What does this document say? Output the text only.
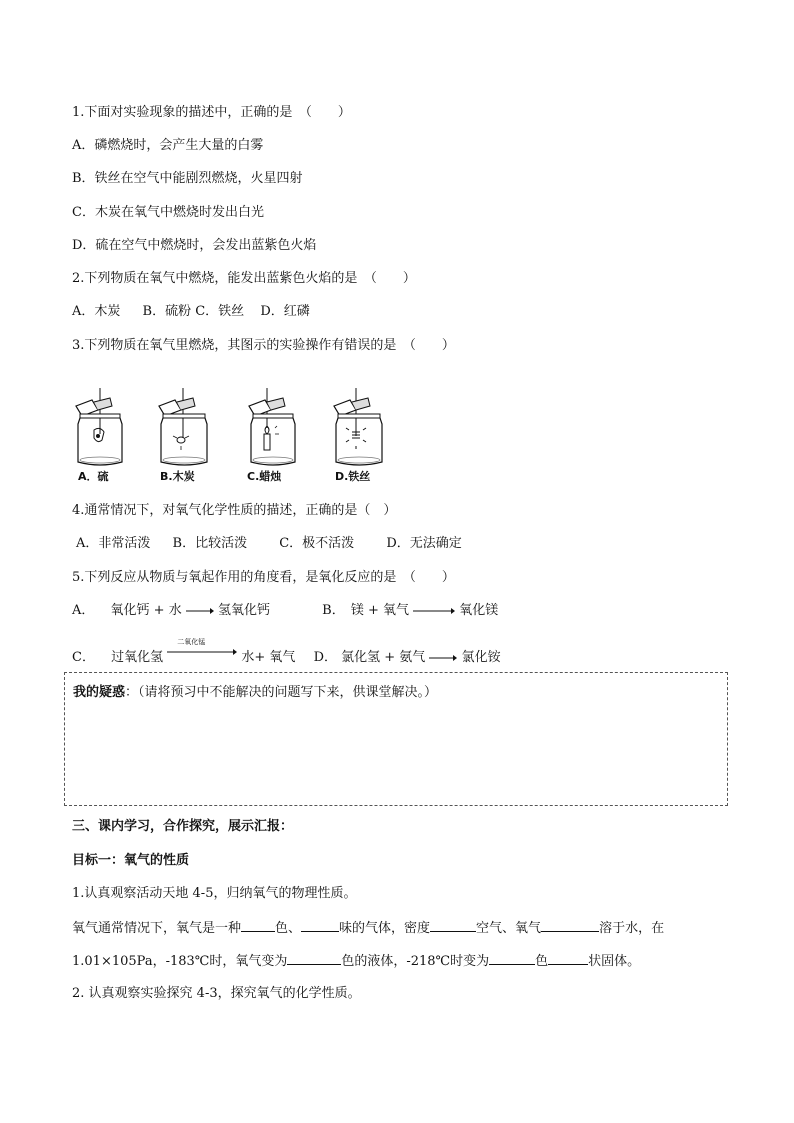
1.下面对实验现象的描述中，正确的是　（　　）
A．磷燃烧时，会产生大量的白雾
B．铁丝在空气中能剧烈燃烧，火星四射
C．木炭在氧气中燃烧时发出白光
D．硫在空气中燃烧时，会发出蓝紫色火焰
2.下列物质在氧气中燃烧，能发出蓝紫色火焰的是　（　　）
A．木炭 B．硫粉 C．铁丝 D．红磷
3.下列物质在氧气里燃烧，其图示的实验操作有错误的是　（　　）
A．硫	B.木炭	C.蜡烛	D.铁丝
4.通常情况下，对氧气化学性质的描述，正确的是（　）
A．非常活泼 B．比较活泼 C．极不活泼 D．无法确定
5.下列反应从物质与氧起作用的角度看，是氧化反应的是　（　　）
A． 氧化钙 + 水 → 氢氧化钙	B． 镁 + 氧气 → 氧化镁
C． 过氧化氢
二氧化锰
水+ 氧气 D． 氯化氢 + 氨气 → 氯化铵
我的疑惑：（请将预习中不能解决的问题写下来，供课堂解决。）
三、课内学习，合作探究，展示汇报：
目标一：氧气的性质
1.认真观察活动天地 4-5，归纳氧气的物理性质。
氧气通常情况下，氧气是一种	色、	味的气体，密度	空气、氧气	溶于水，在
1.01×105Pa，-183℃时，氧气变为	色的液体，-218℃时变为	色	状固体。
2. 认真观察实验探究 4-3，探究氧气的化学性质。
